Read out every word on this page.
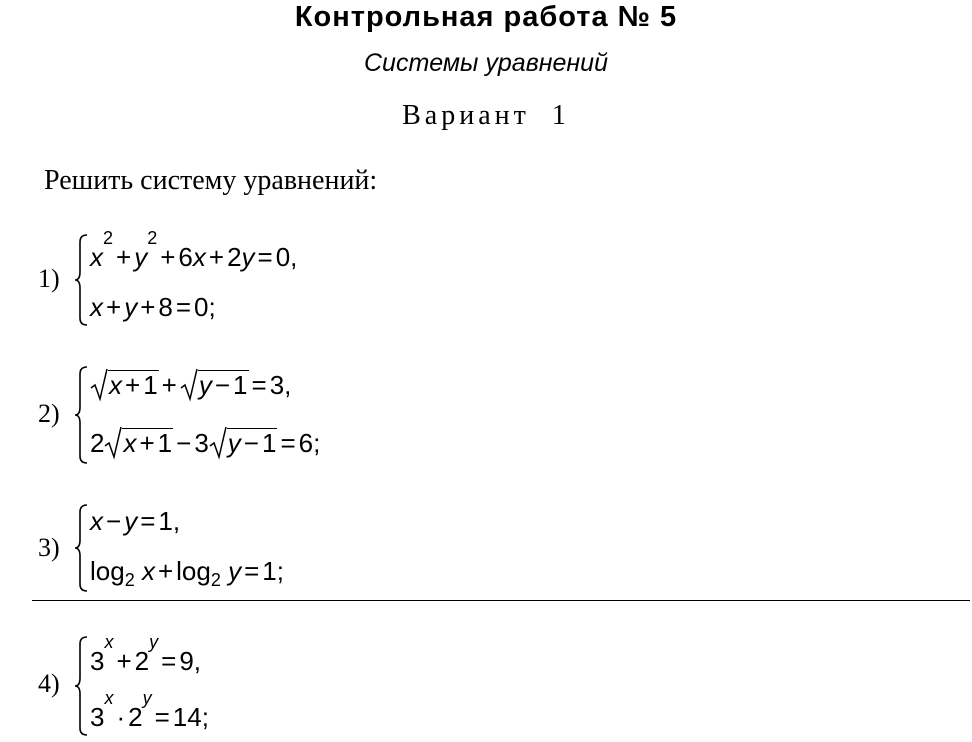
Контрольная работа № 5
Системы уравнений
Вариант 1
Решить систему уравнений:
1)
$x^2+ y^2+ 6x + 2y = 0$,
x + y + 8 = 0;
2)
x + 1 + y − 1 = 3,
2 x + 1 − 3 y − 1 = 6;
3)
x − y = 1,
$\log_2 x + \log_2 y = 1$;
4)
$3^x+ 2^y= 9$,
$3^x\cdot 2^y= 14$;
